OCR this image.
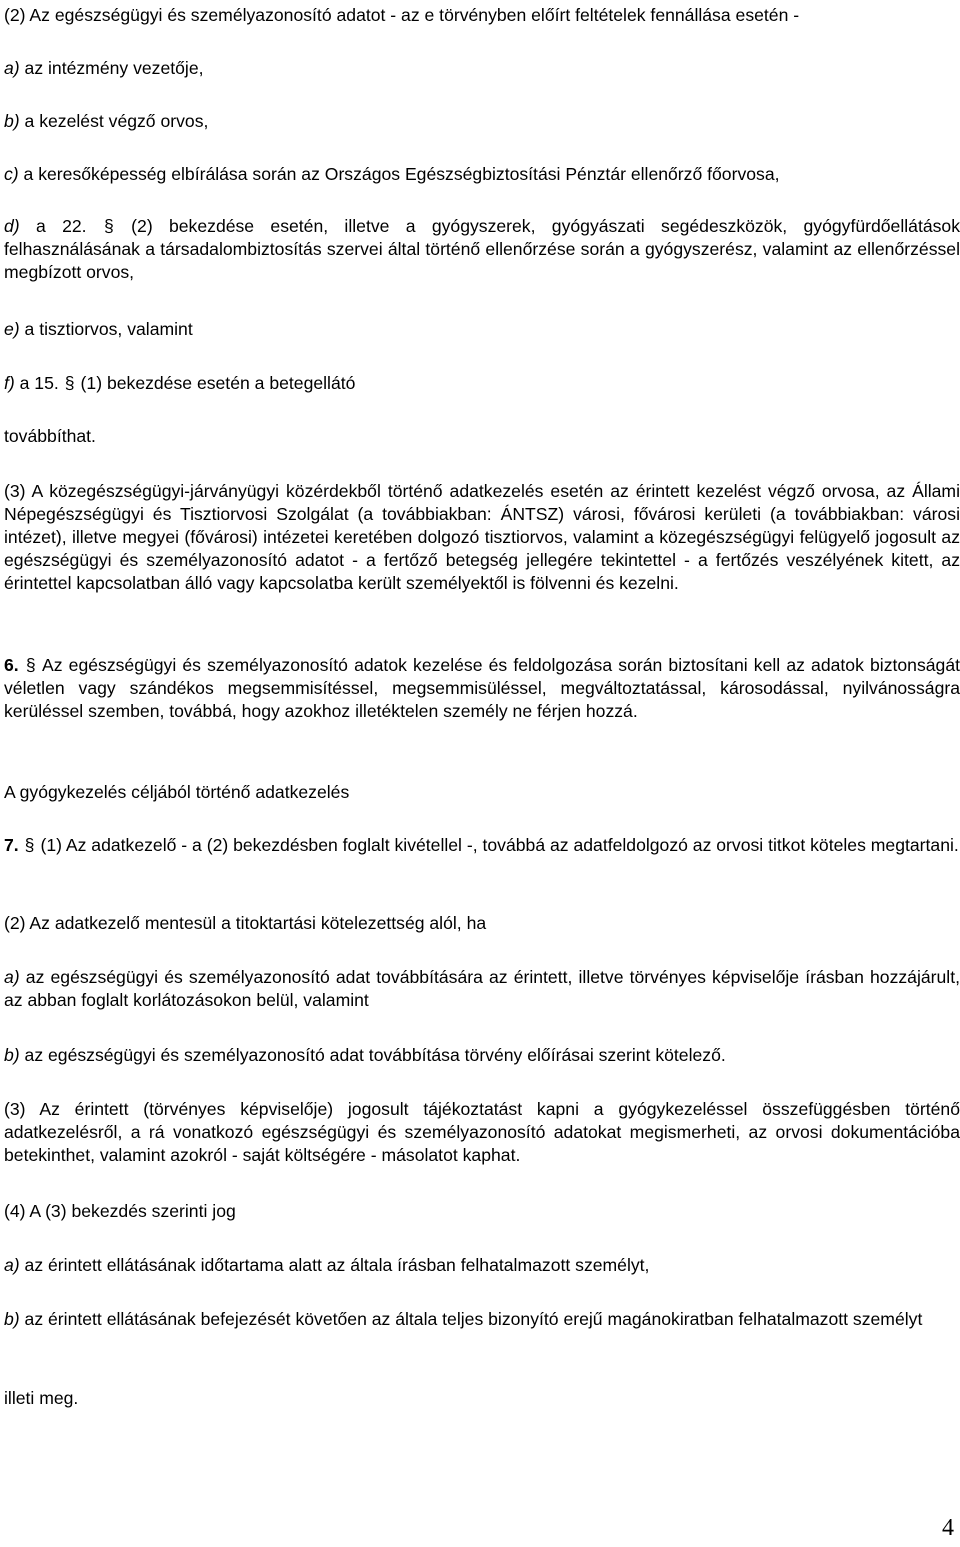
(2) Az egészségügyi és személyazonosító adatot - az e törvényben előírt feltételek fennállása esetén -

a) az intézmény vezetője,

b) a kezelést végző orvos,

c) a keresőképesség elbírálása során az Országos Egészségbiztosítási Pénztár ellenőrző főorvosa,

d) a 22. § (2) bekezdése esetén, illetve a gyógyszerek, gyógyászati segédeszközök, gyógyfürdőellátások felhasználásának a társadalombiztosítás szervei által történő ellenőrzése során a gyógyszerész, valamint az ellenőrzéssel megbízott orvos,

e) a tisztiorvos, valamint

f) a 15. § (1) bekezdése esetén a betegellátó

továbbíthat.

(3) A közegészségügyi-járványügyi közérdekből történő adatkezelés esetén az érintett kezelést végző orvosa, az Állami Népegészségügyi és Tisztiorvosi Szolgálat (a továbbiakban: ÁNTSZ) városi, fővárosi kerületi (a továbbiakban: városi intézet), illetve megyei (fővárosi) intézetei keretében dolgozó tisztiorvos, valamint a közegészségügyi felügyelő jogosult az egészségügyi és személyazonosító adatot - a fertőző betegség jellegére tekintettel - a fertőzés veszélyének kitett, az érintettel kapcsolatban álló vagy kapcsolatba került személyektől is fölvenni és kezelni.

6. § Az egészségügyi és személyazonosító adatok kezelése és feldolgozása során biztosítani kell az adatok biztonságát véletlen vagy szándékos megsemmisítéssel, megsemmisüléssel, megváltoztatással, károsodással, nyilvánosságra kerüléssel szemben, továbbá, hogy azokhoz illetéktelen személy ne férjen hozzá.

A gyógykezelés céljából történő adatkezelés

7. § (1) Az adatkezelő - a (2) bekezdésben foglalt kivétellel -, továbbá az adatfeldolgozó az orvosi titkot köteles megtartani.

(2) Az adatkezelő mentesül a titoktartási kötelezettség alól, ha

a) az egészségügyi és személyazonosító adat továbbítására az érintett, illetve törvényes képviselője írásban hozzájárult, az abban foglalt korlátozásokon belül, valamint

b) az egészségügyi és személyazonosító adat továbbítása törvény előírásai szerint kötelező.

(3) Az érintett (törvényes képviselője) jogosult tájékoztatást kapni a gyógykezeléssel összefüggésben történő adatkezelésről, a rá vonatkozó egészségügyi és személyazonosító adatokat megismerheti, az orvosi dokumentációba betekinthet, valamint azokról - saját költségére - másolatot kaphat.

(4) A (3) bekezdés szerinti jog

a) az érintett ellátásának időtartama alatt az általa írásban felhatalmazott személyt,

b) az érintett ellátásának befejezését követően az általa teljes bizonyító erejű magánokiratban felhatalmazott személyt

illeti meg.

4
